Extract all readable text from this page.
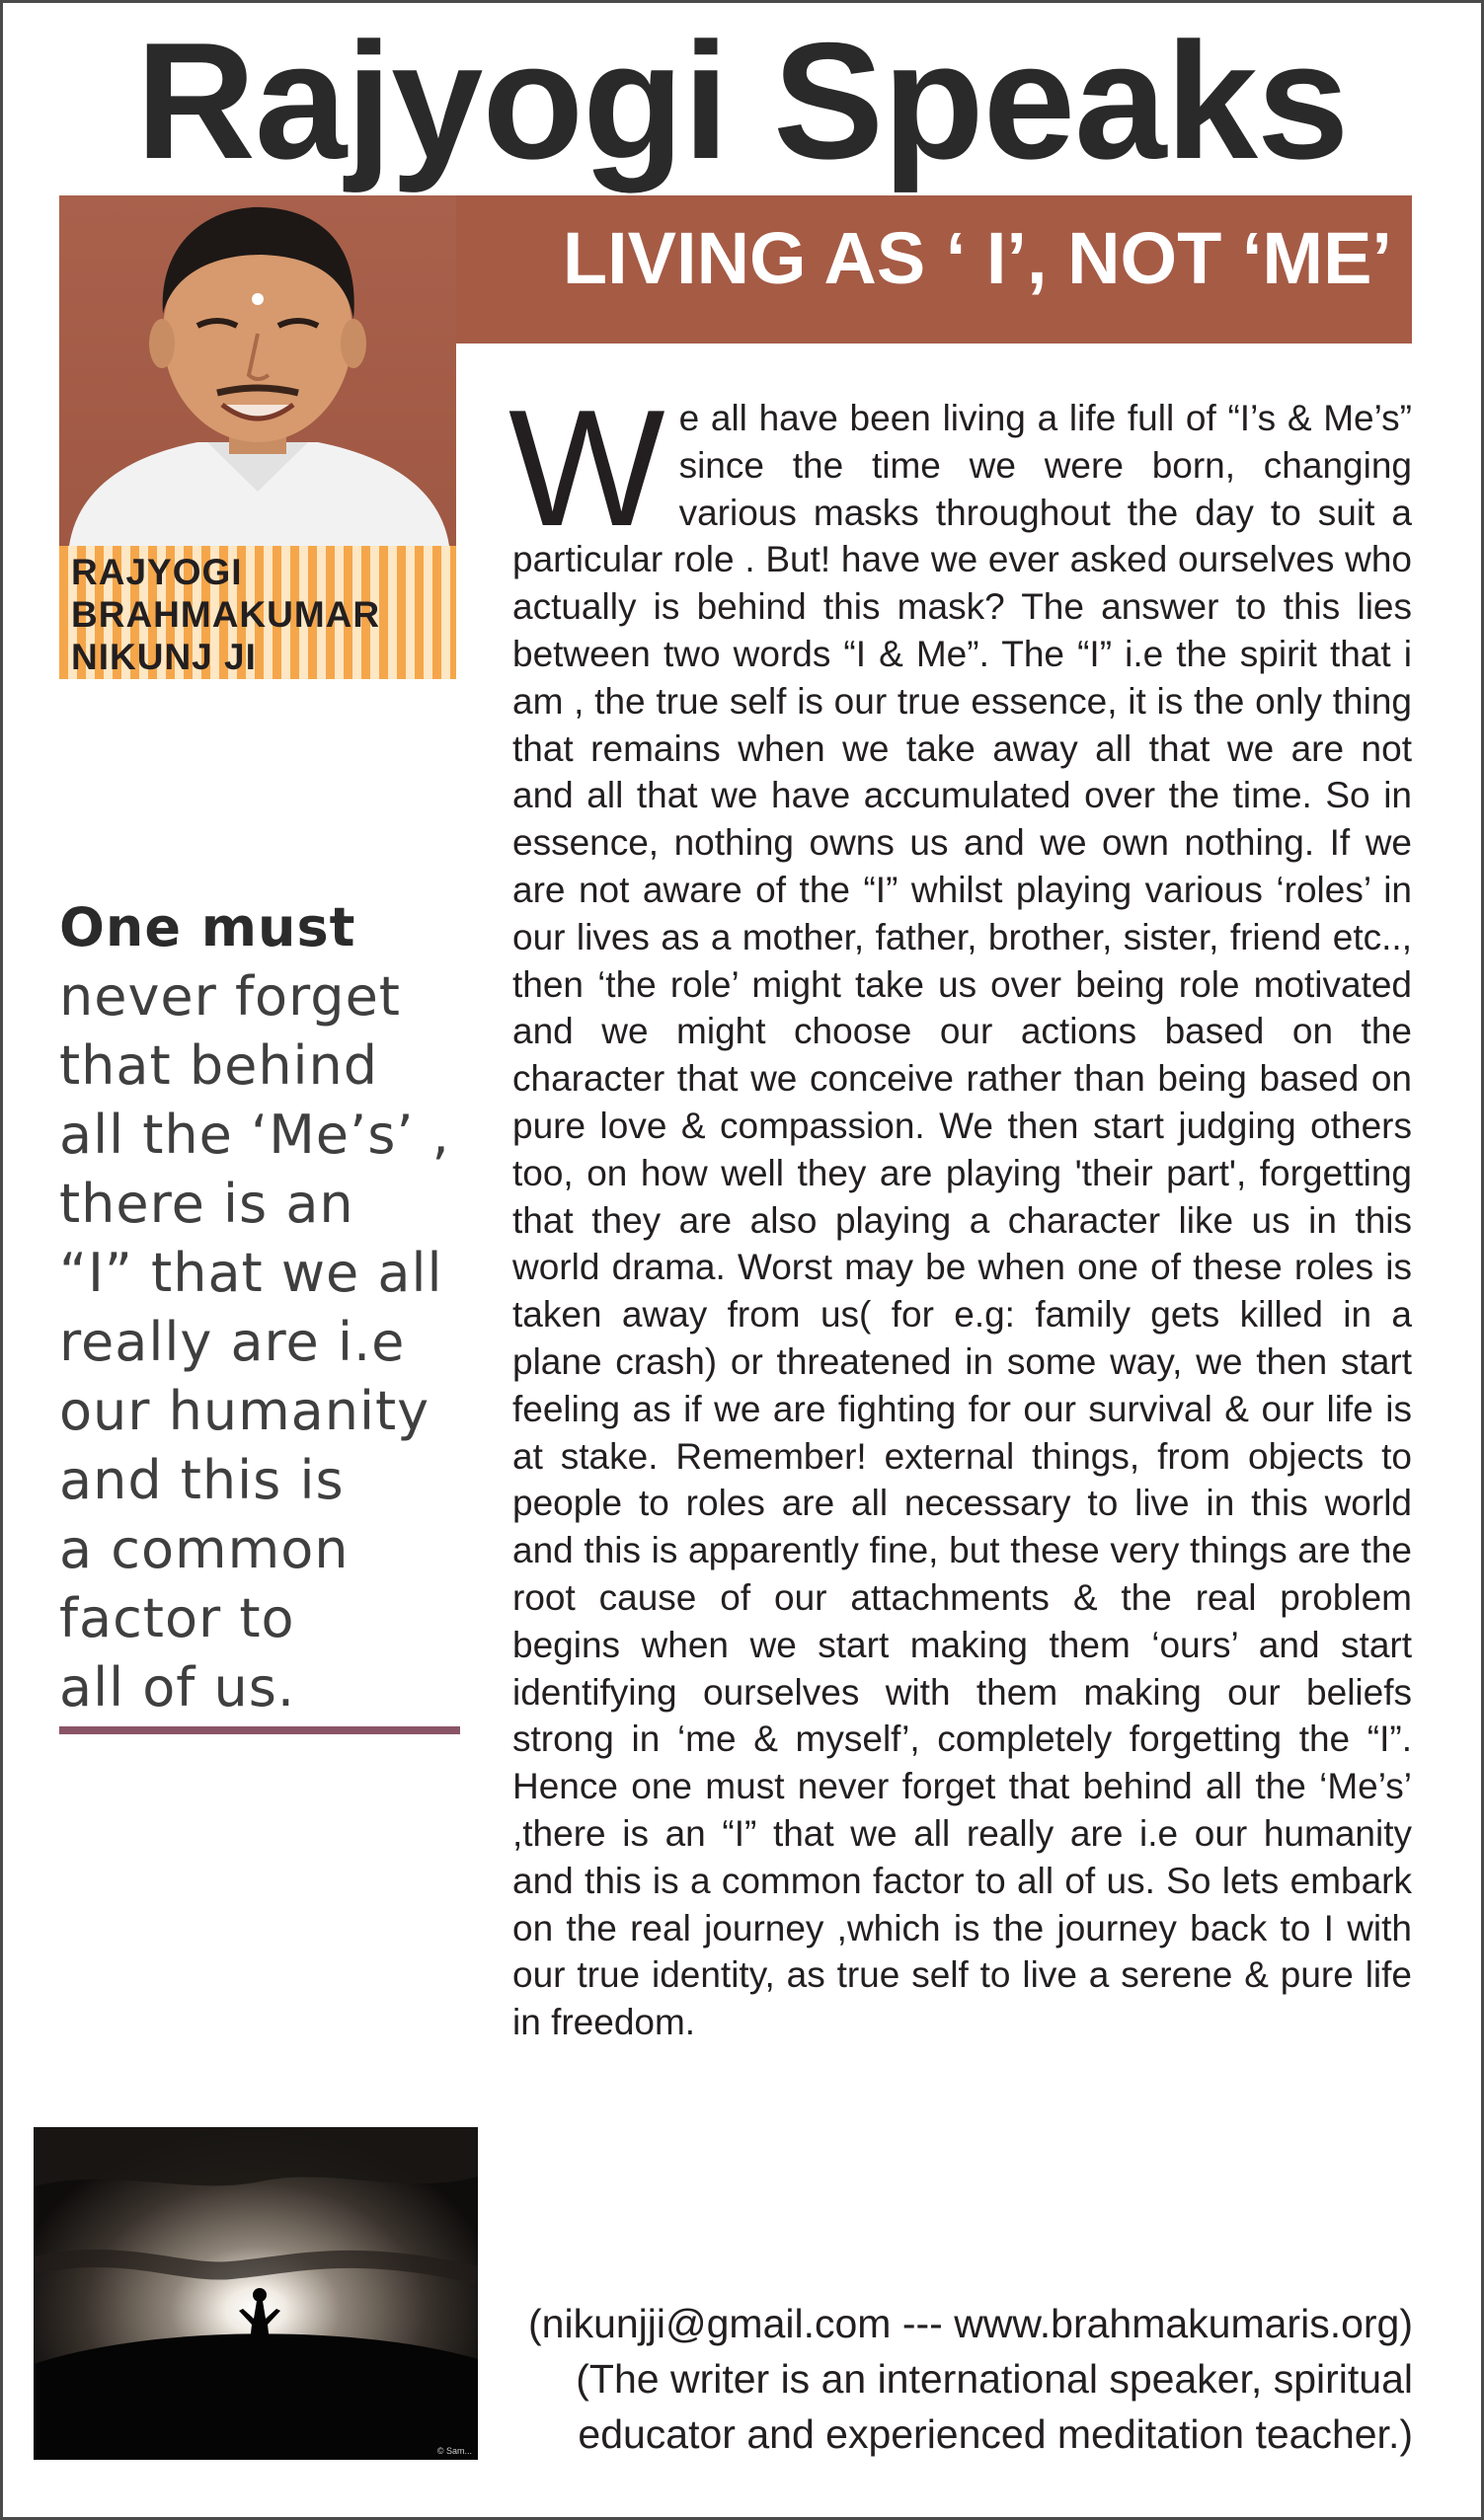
Rajyogi Speaks
LIVING AS ‘ I’, NOT ‘ME’
RAJYOGI
BRAHMAKUMAR
NIKUNJ JI
One must
never forget
that behind
all the ‘Me’s’ ,
there is an
“I” that we all
really are i.e
our humanity
and this is
a common
factor to
all of us.
© Sam...
W e all have been living a life full of “I’s & Me’s” since the time we were born, changing various masks throughout the day to suit a particular role . But! have we ever asked ourselves who actually is behind this mask? The answer to this lies between two words “I & Me”. The “I” i.e the spirit that i am , the true self is our true essence, it is the only thing that remains when we take away all that we are not and all that we have accumulated over the time. So in essence, nothing owns us and we own nothing. If we are not aware of the “I” whilst playing various ‘roles’ in our lives as a mother, father, brother, sister, friend etc.., then ‘the role’ might take us over being role motivated and we might choose our actions based on the character that we conceive rather than being based on pure love & compassion. We then start judging others too, on how well they are playing 'their part', forgetting that they are also playing a character like us in this world drama. Worst may be when one of these roles is taken away from us( for e.g: family gets killed in a plane crash) or threatened in some way, we then start feeling as if we are fighting for our survival & our life is at stake. Remember! external things, from objects to people to roles are all necessary to live in this world and this is apparently fine, but these very things are the root cause of our attachments & the real problem begins when we start making them ‘ours’ and start identifying ourselves with them making our beliefs strong in ‘me & myself’, completely forgetting the “I”. Hence one must never forget that behind all the ‘Me’s’ ,there is an “I” that we all really are i.e our humanity and this is a common factor to all of us. So lets embark on the real journey ,which is the journey back to I with our true identity, as true self to live a serene & pure life in freedom.
(nikunjji@gmail.com --- www.brahmakumaris.org)
(The writer is an international speaker, spiritual
educator and experienced meditation teacher.)
